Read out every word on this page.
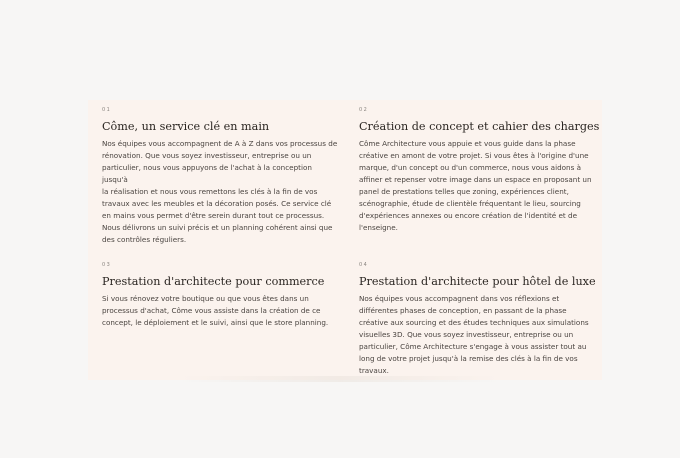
01
Côme, un service clé en main
Nos équipes vous accompagnent de A à Z dans vos processus de
rénovation. Que vous soyez investisseur, entreprise ou un
particulier, nous vous appuyons de l'achat à la conception jusqu'à
la réalisation et nous vous remettons les clés à la fin de vos
travaux avec les meubles et la décoration posés. Ce service clé
en mains vous permet d'être serein durant tout ce processus.
Nous délivrons un suivi précis et un planning cohérent ainsi que
des contrôles réguliers.
02
Création de concept et cahier des charges
Côme Architecture vous appuie et vous guide dans la phase
créative en amont de votre projet. Si vous êtes à l'origine d'une
marque, d'un concept ou d'un commerce, nous vous aidons à
affiner et repenser votre image dans un espace en proposant un
panel de prestations telles que zoning, expériences client,
scénographie, étude de clientèle fréquentant le lieu, sourcing
d'expériences annexes ou encore création de l'identité et de
l'enseigne.
03
Prestation d'architecte pour commerce
Si vous rénovez votre boutique ou que vous êtes dans un
processus d'achat, Côme vous assiste dans la création de ce
concept, le déploiement et le suivi, ainsi que le store planning.
04
Prestation d'architecte pour hôtel de luxe
Nos équipes vous accompagnent dans vos réflexions et
différentes phases de conception, en passant de la phase
créative aux sourcing et des études techniques aux simulations
visuelles 3D. Que vous soyez investisseur, entreprise ou un
particulier, Côme Architecture s'engage à vous assister tout au
long de votre projet jusqu'à la remise des clés à la fin de vos
travaux.
